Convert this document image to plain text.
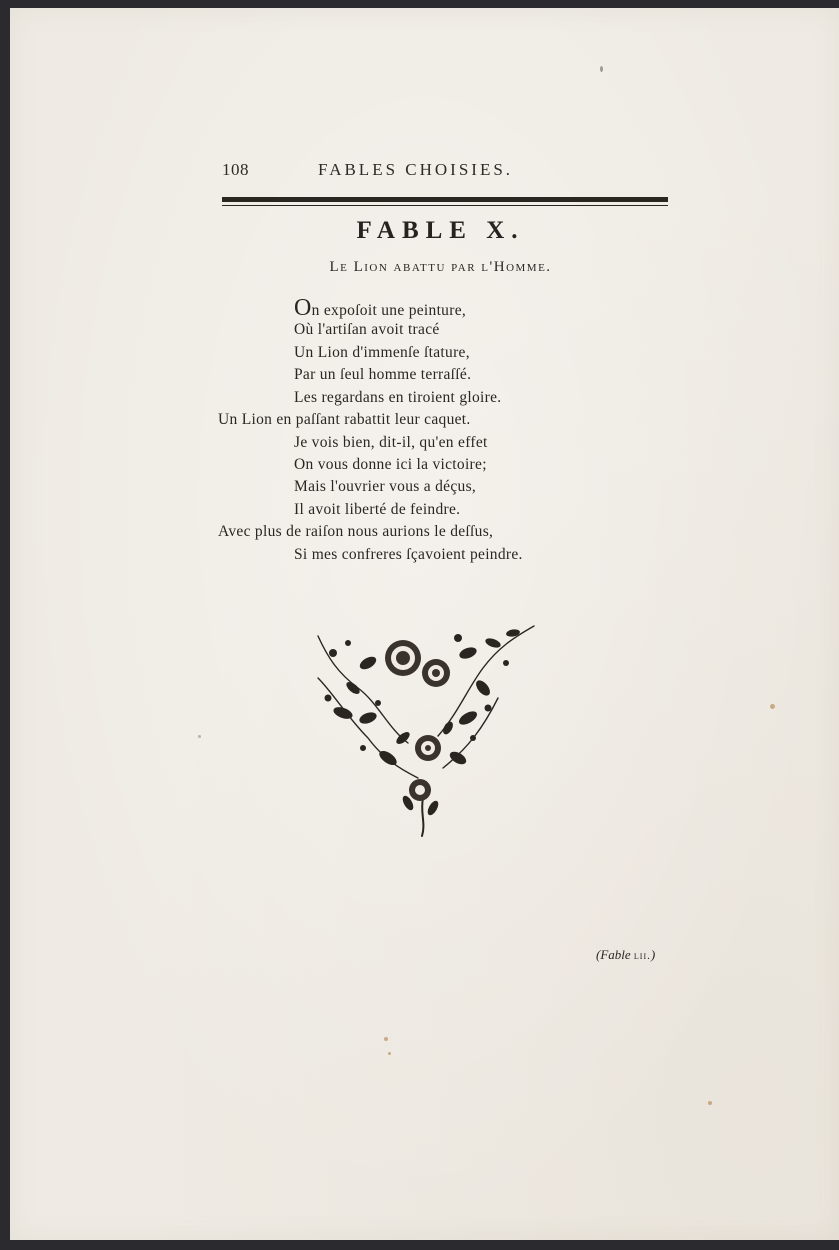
108	FABLES CHOISIES.
FABLE X.
Le Lion abattu par l'Homme.
On expoſoit une peinture,
Où l'artiſan avoit tracé
Un Lion d'immenſe ſtature,
Par un ſeul homme terraſſé.
Les regardans en tiroient gloire.
Un Lion en paſſant rabattit leur caquet.
Je vois bien, dit-il, qu'en effet
On vous donne ici la victoire;
Mais l'ouvrier vous a déçus,
Il avoit liberté de feindre.
Avec plus de raiſon nous aurions le deſſus,
Si mes confreres ſçavoient peindre.
(Fable lii.)
